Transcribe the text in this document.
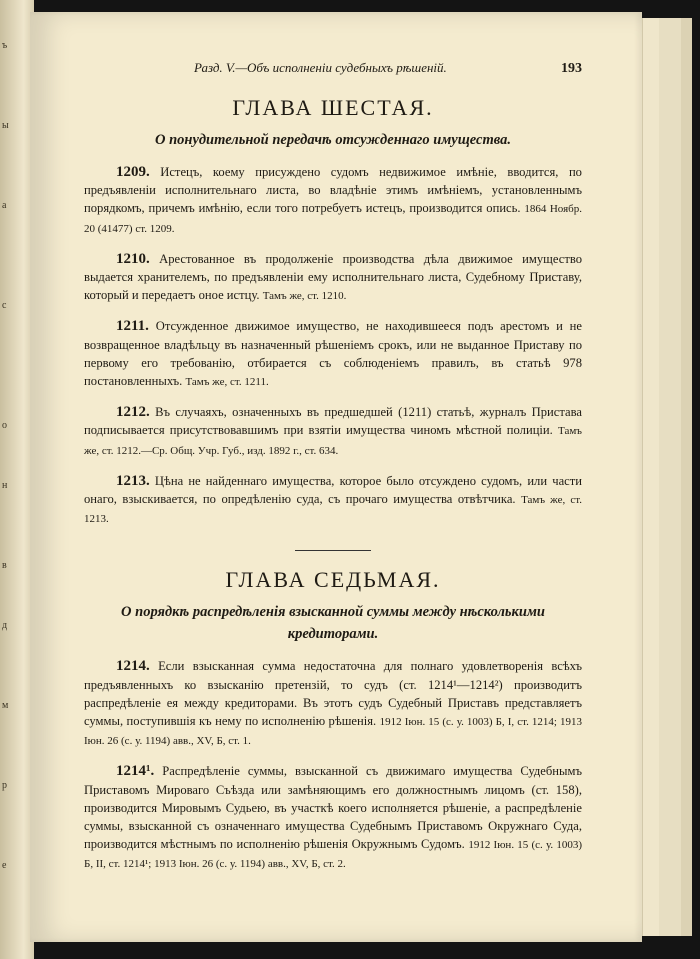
ъ
ы
а
с
о
н
в
д
м
р
е
Разд. V.—Объ исполненiи судебныхъ рѣшенiй.	193
ГЛАВА ШЕСТАЯ.
О понудительной передачѣ отсужденнаго имущества.
1209. Истецъ, коему присуждено судомъ недвижимое имѣнiе, вводится, по предъявленiи исполнительнаго листа, во владѣнiе этимъ имѣнiемъ, установленнымъ порядкомъ, причемъ имѣнiю, если того потребуетъ истецъ, производится опись. 1864 Ноябр. 20 (41477) ст. 1209.
1210. Арестованное въ продолженiе производства дѣла движимое имущество выдается хранителемъ, по предъявленiи ему исполнительнаго листа, Судебному Приставу, который и передаетъ оное истцу. Тамъ же, ст. 1210.
1211. Отсужденное движимое имущество, не находившееся подъ арестомъ и не возвращенное владѣльцу въ назначенный рѣшенiемъ срокъ, или не выданное Приставу по первому его требованiю, отбирается съ соблюденiемъ правилъ, въ статьѣ 978 постановленныхъ. Тамъ же, ст. 1211.
1212. Въ случаяхъ, означенныхъ въ предшедшей (1211) статьѣ, журналъ Пристава подписывается присутствовавшимъ при взятiи имущества чиномъ мѣстной полицiи. Тамъ же, ст. 1212.—Ср. Общ. Учр. Губ., изд. 1892 г., ст. 634.
1213. Цѣна не найденнаго имущества, которое было отсуждено судомъ, или части онаго, взыскивается, по опредѣленiю суда, съ прочаго имущества отвѣтчика. Тамъ же, ст. 1213.
ГЛАВА СЕДЬМАЯ.
О порядкѣ распредѣленiя взысканной суммы между нѣсколькими кредиторами.
1214. Если взысканная сумма недостаточна для полнаго удовлетворенiя всѣхъ предъявленныхъ ко взысканiю претензiй, то судъ (ст. 1214¹—1214²) производитъ распредѣленiе ея между кредиторами. Въ этотъ судъ Судебный Приставъ представляетъ суммы, поступившiя къ нему по исполненiю рѣшенiя. 1912 Iюн. 15 (с. у. 1003) Б, I, ст. 1214; 1913 Iюн. 26 (с. у. 1194) авв., XV, Б, ст. 1.
1214¹. Распредѣленiе суммы, взысканной съ движимаго имущества Судебнымъ Приставомъ Мироваго Съѣзда или замѣняющимъ его должностнымъ лицомъ (ст. 158), производится Мировымъ Судьею, въ участкѣ коего исполняется рѣшенiе, а распредѣленiе суммы, взысканной съ означеннаго имущества Судебнымъ Приставомъ Окружнаго Суда, производится мѣстнымъ по исполненiю рѣшенiя Окружнымъ Судомъ. 1912 Iюн. 15 (с. у. 1003) Б, II, ст. 1214¹; 1913 Iюн. 26 (с. у. 1194) авв., XV, Б, ст. 2.
